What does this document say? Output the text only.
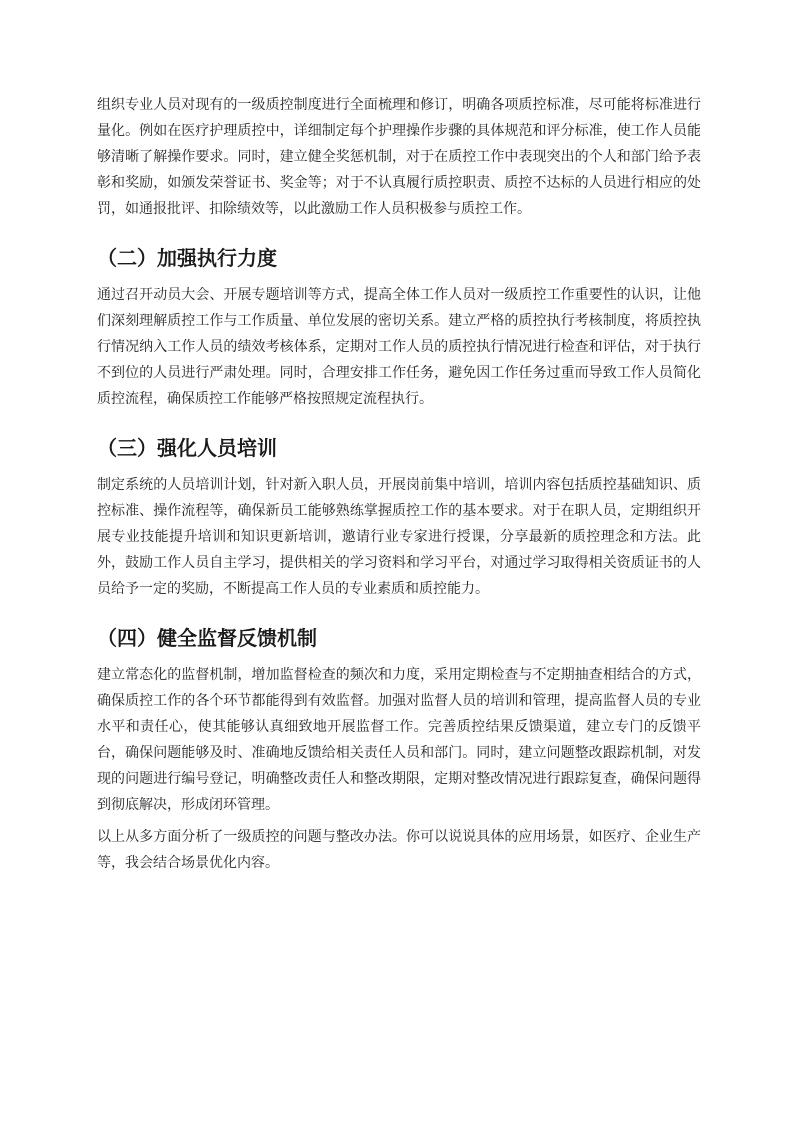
组织专业人员对现有的一级质控制度进行全面梳理和修订，明确各项质控标准，尽可能将标准进行量化。例如在医疗护理质控中，详细制定每个护理操作步骤的具体规范和评分标准，使工作人员能够清晰了解操作要求。同时，建立健全奖惩机制，对于在质控工作中表现突出的个人和部门给予表彰和奖励，如颁发荣誉证书、奖金等；对于不认真履行质控职责、质控不达标的人员进行相应的处罚，如通报批评、扣除绩效等，以此激励工作人员积极参与质控工作。

（二）加强执行力度

通过召开动员大会、开展专题培训等方式，提高全体工作人员对一级质控工作重要性的认识，让他们深刻理解质控工作与工作质量、单位发展的密切关系。建立严格的质控执行考核制度，将质控执行情况纳入工作人员的绩效考核体系，定期对工作人员的质控执行情况进行检查和评估，对于执行不到位的人员进行严肃处理。同时，合理安排工作任务，避免因工作任务过重而导致工作人员简化质控流程，确保质控工作能够严格按照规定流程执行。

（三）强化人员培训

制定系统的人员培训计划，针对新入职人员，开展岗前集中培训，培训内容包括质控基础知识、质控标准、操作流程等，确保新员工能够熟练掌握质控工作的基本要求。对于在职人员，定期组织开展专业技能提升培训和知识更新培训，邀请行业专家进行授课，分享最新的质控理念和方法。此外，鼓励工作人员自主学习，提供相关的学习资料和学习平台，对通过学习取得相关资质证书的人员给予一定的奖励，不断提高工作人员的专业素质和质控能力。

（四）健全监督反馈机制

建立常态化的监督机制，增加监督检查的频次和力度，采用定期检查与不定期抽查相结合的方式，确保质控工作的各个环节都能得到有效监督。加强对监督人员的培训和管理，提高监督人员的专业水平和责任心，使其能够认真细致地开展监督工作。完善质控结果反馈渠道，建立专门的反馈平台，确保问题能够及时、准确地反馈给相关责任人员和部门。同时，建立问题整改跟踪机制，对发现的问题进行编号登记，明确整改责任人和整改期限，定期对整改情况进行跟踪复查，确保问题得到彻底解决，形成闭环管理。

以上从多方面分析了一级质控的问题与整改办法。你可以说说具体的应用场景，如医疗、企业生产等，我会结合场景优化内容。
